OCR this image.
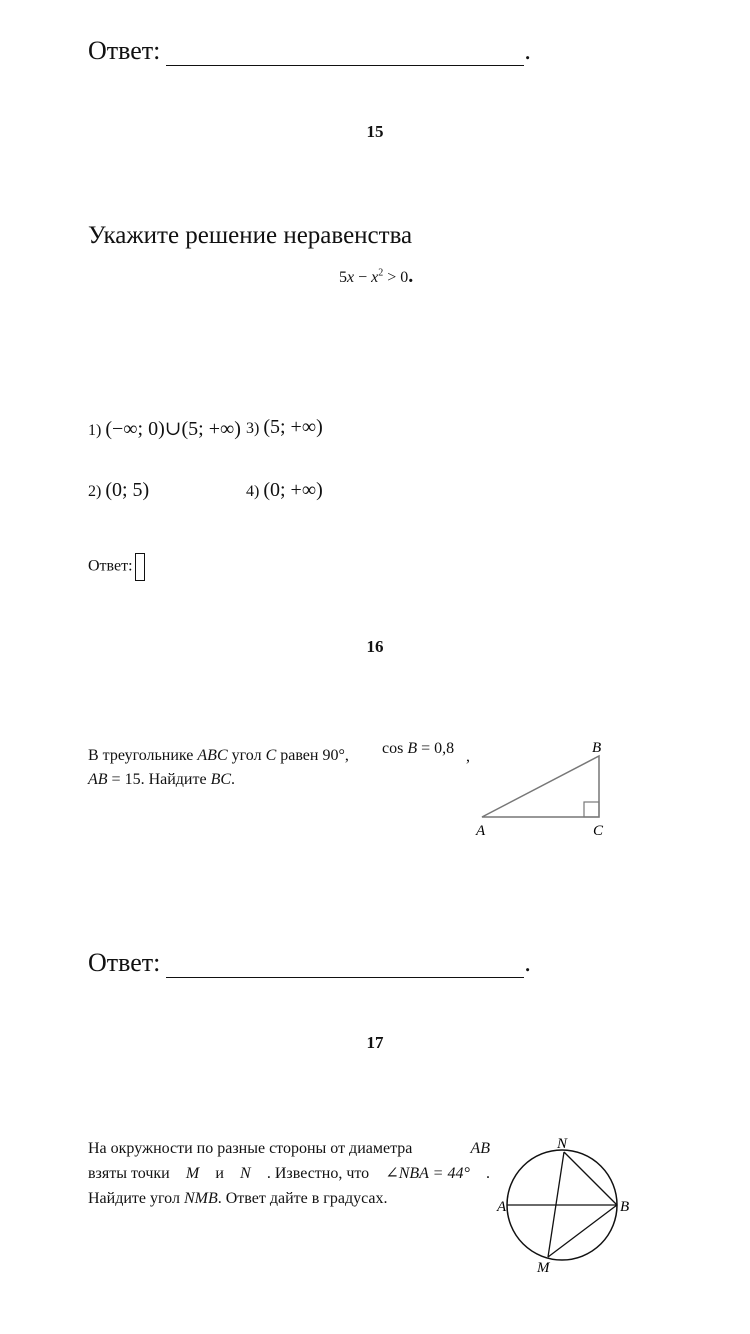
Ответ:	.
15
Укажите решение неравенства
$5x - x^2 > 0$.
1) (−∞; 0)∪(5; +∞) 3) (5; +∞)
2) (0; 5)	4) (0; +∞)
Ответ:
16
В треугольнике ABC угол C равен 90°,
AB = 15. Найдите BC.
cos B = 0,8 ,	B
A	C
Ответ:	.
17
На окружности по разные стороны от диаметра	AB
взяты точки M и N . Известно, что ∠NBA = 44° .
Найдите угол NMB. Ответ дайте в градусах.
N
A	B
M
